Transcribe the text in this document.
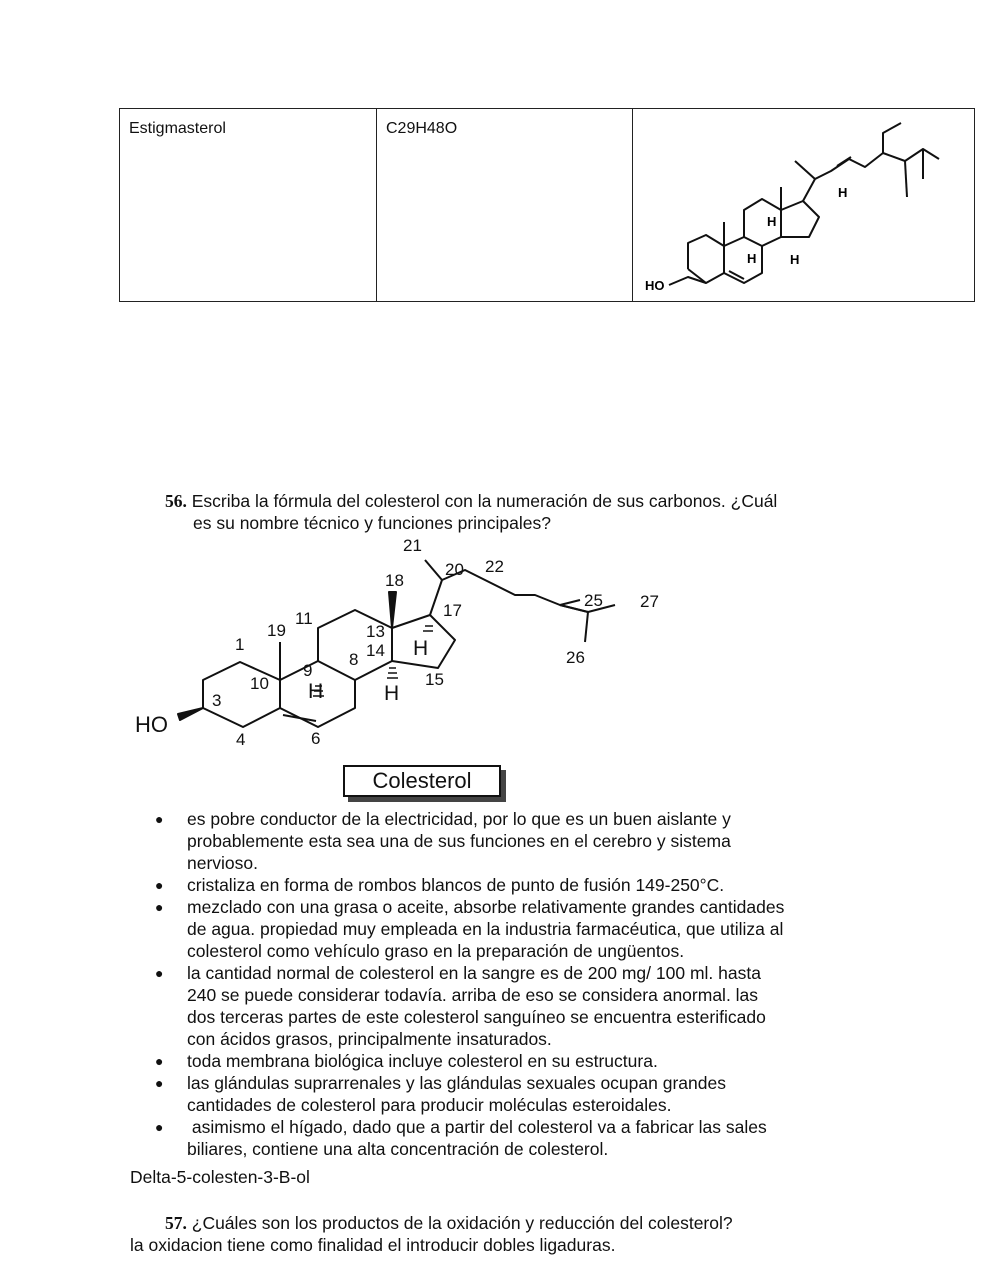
Estigmasterol	C29H48O
HO
H
H
H	H
56. Escriba la fórmula del colesterol con la numeración de sus carbonos. ¿Cuál
es su nombre técnico y funciones principales?
HO
1
3
4	6
8
9
10
11
13
14
15
17
18
19
20
21
22
25
26
27
H	H
H
Colesterol
● es pobre conductor de la electricidad, por lo que es un buen aislante y
probablemente esta sea una de sus funciones en el cerebro y sistema
nervioso.
● cristaliza en forma de rombos blancos de punto de fusión 149-250°C.
● mezclado con una grasa o aceite, absorbe relativamente grandes cantidades
de agua. propiedad muy empleada en la industria farmacéutica, que utiliza al
colesterol como vehículo graso en la preparación de ungüentos.
● la cantidad normal de colesterol en la sangre es de 200 mg/ 100 ml. hasta
240 se puede considerar todavía. arriba de eso se considera anormal. las
dos terceras partes de este colesterol sanguíneo se encuentra esterificado
con ácidos grasos, principalmente insaturados.
● toda membrana biológica incluye colesterol en su estructura.
● las glándulas suprarrenales y las glándulas sexuales ocupan grandes
cantidades de colesterol para producir moléculas esteroidales.
● asimismo el hígado, dado que a partir del colesterol va a fabricar las sales
biliares, contiene una alta concentración de colesterol.
Delta-5-colesten-3-B-ol
57. ¿Cuáles son los productos de la oxidación y reducción del colesterol?
la oxidacion tiene como finalidad el introducir dobles ligaduras.
